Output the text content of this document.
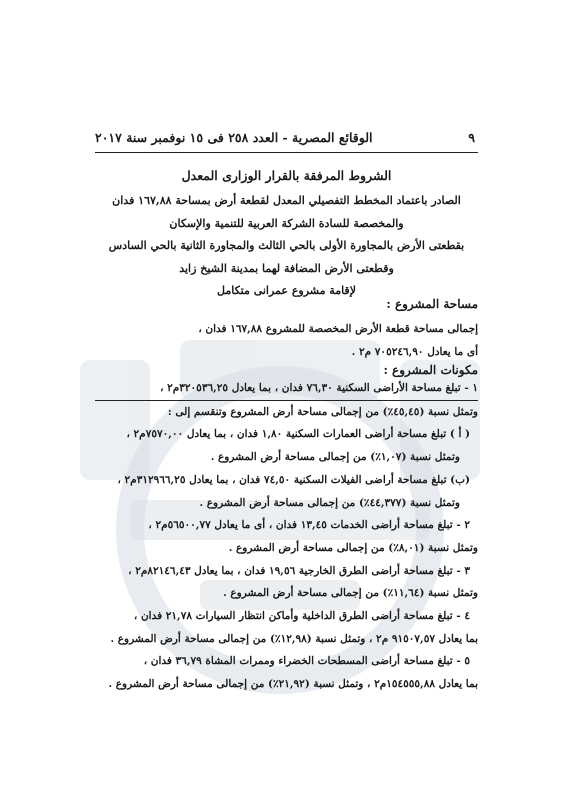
٩
الوقائع المصرية - العدد ٢٥٨ فى ١٥ نوفمبر سنة ٢٠١٧
الشروط المرفقة بالقرار الوزارى المعدل
الصادر باعتماد المخطط التفصيلي المعدل لقطعة أرض بمساحة ١٦٧,٨٨ فدان
والمخصصة للسادة الشركة العربية للتنمية والإسكان
بقطعتى الأرض بالمجاورة الأولى بالحي الثالث والمجاورة الثانية بالحي السادس
وقطعتى الأرض المضافة لهما بمدينة الشيخ زايد
لإقامة مشروع عمرانى متكامل
مساحة المشروع :
إجمالى مساحة قطعة الأرض المخصصة للمشروع ١٦٧,٨٨ فدان ،
أى ما يعادل ٧٠٥٢٤٦,٩٠ م٢ .
مكونات المشروع :
١ - تبلغ مساحة الأراضى السكنية ٧٦,٣٠ فدان ، بما يعادل ٣٢٠٥٣٦,٢٥م٢ ،
وتمثل نسبة (٤٥,٤٥٪) من إجمالى مساحة أرض المشروع وتنقسم إلى :
( أ ) تبلغ مساحة أراضى العمارات السكنية ١,٨٠ فدان ، بما يعادل ٧٥٧٠,٠٠م٢ ،
وتمثل نسبة (١,٠٧٪) من إجمالى مساحة أرض المشروع .
(ب) تبلغ مساحة أراضى الفيلات السكنية ٧٤,٥٠ فدان ، بما يعادل ٣١٢٩٦٦,٢٥م٢ ،
وتمثل نسبة (٤٤,٣٧٧٪) من إجمالى مساحة أرض المشروع .
٢ - تبلغ مساحة أراضى الخدمات ١٣,٤٥ فدان ، أى ما يعادل ٥٦٥٠٠,٧٧م٢ ،
وتمثل نسبة (٨,٠١٪) من إجمالى مساحة أرض المشروع .
٣ - تبلغ مساحة أراضى الطرق الخارجية ١٩,٥٦ فدان ، بما يعادل ٨٢١٤٦,٤٣م٢ ،
وتمثل نسبة (١١,٦٤٪) من إجمالى مساحة أرض المشروع .
٤ - تبلغ مساحة أراضى الطرق الداخلية وأماكن انتظار السيارات ٢١,٧٨ فدان ،
بما يعادل ٩١٥٠٧,٥٧ م٢ ، وتمثل نسبة (١٢,٩٨٪) من إجمالى مساحة أرض المشروع .
٥ - تبلغ مساحة أراضى المسطحات الخضراء وممرات المشاة ٣٦,٧٩ فدان ،
بما يعادل ١٥٤٥٥٥,٨٨م٢ ، وتمثل نسبة (٢١,٩٢٪) من إجمالى مساحة أرض المشروع .
